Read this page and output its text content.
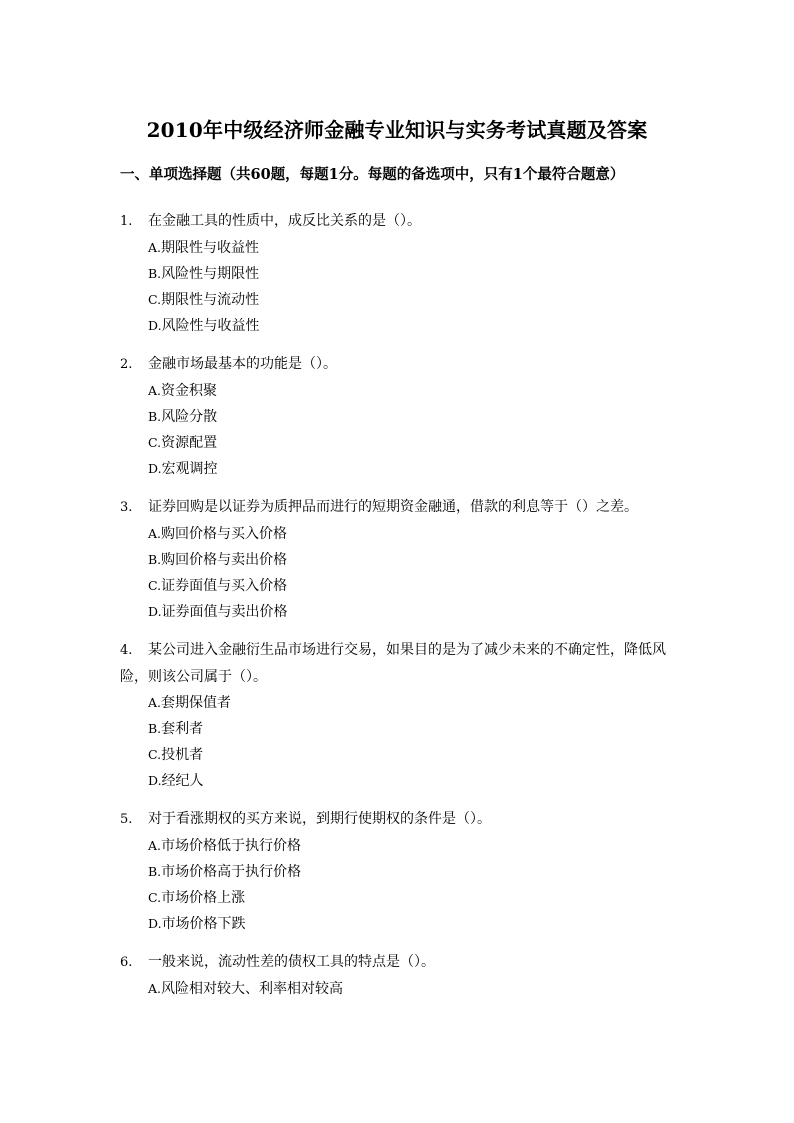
2010年中级经济师金融专业知识与实务考试真题及答案

一、单项选择题（共60题，每题1分。每题的备选项中，只有1个最符合题意）

1. 在金融工具的性质中，成反比关系的是（）。
A.期限性与收益性
B.风险性与期限性
C.期限性与流动性
D.风险性与收益性
2. 金融市场最基本的功能是（）。
A.资金积聚
B.风险分散
C.资源配置
D.宏观调控
3. 证券回购是以证券为质押品而进行的短期资金融通，借款的利息等于（）之差。
A.购回价格与买入价格
B.购回价格与卖出价格
C.证券面值与买入价格
D.证券面值与卖出价格
4. 某公司进入金融衍生品市场进行交易，如果目的是为了减少未来的不确定性，降低风险，则该公司属于（）。
A.套期保值者
B.套利者
C.投机者
D.经纪人
5. 对于看涨期权的买方来说，到期行使期权的条件是（）。
A.市场价格低于执行价格
B.市场价格高于执行价格
C.市场价格上涨
D.市场价格下跌
6. 一般来说，流动性差的债权工具的特点是（）。
A.风险相对较大、利率相对较高
